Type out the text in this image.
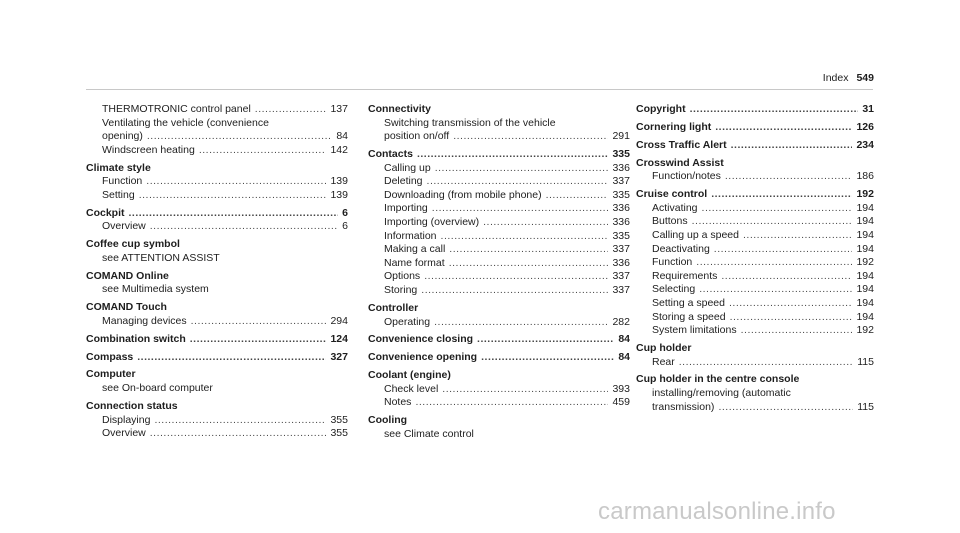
Index 549
THERMOTRONIC control panel .....	137
Ventilating the vehicle (convenience
opening) .....	84
Windscreen heating .....	142
Climate style
Function .....	139
Setting .....	139
Cockpit .....	6
Overview .....	6
Coffee cup symbol
see ATTENTION ASSIST
COMAND Online
see Multimedia system
COMAND Touch
Managing devices .....	294
Combination switch .....	124
Compass .....	327
Computer
see On-board computer
Connection status
Displaying .....	355
Overview .....	355
Connectivity
Switching transmission of the vehicle
position on/off .....	291
Contacts .....	335
Calling up .....	336
Deleting .....	337
Downloading (from mobile phone) .....	335
Importing .....	336
Importing (overview) .....	336
Information .....	335
Making a call .....	337
Name format .....	336
Options .....	337
Storing .....	337
Controller
Operating .....	282
Convenience closing .....	84
Convenience opening .....	84
Coolant (engine)
Check level .....	393
Notes .....	459
Cooling
see Climate control
Copyright .....	31
Cornering light .....	126
Cross Traffic Alert .....	234
Crosswind Assist
Function/notes .....	186
Cruise control .....	192
Activating .....	194
Buttons .....	194
Calling up a speed .....	194
Deactivating .....	194
Function .....	192
Requirements .....	194
Selecting .....	194
Setting a speed .....	194
Storing a speed .....	194
System limitations .....	192
Cup holder
Rear .....	115
Cup holder in the centre console
installing/removing (automatic
transmission) .....	115
carmanualsonline.info
